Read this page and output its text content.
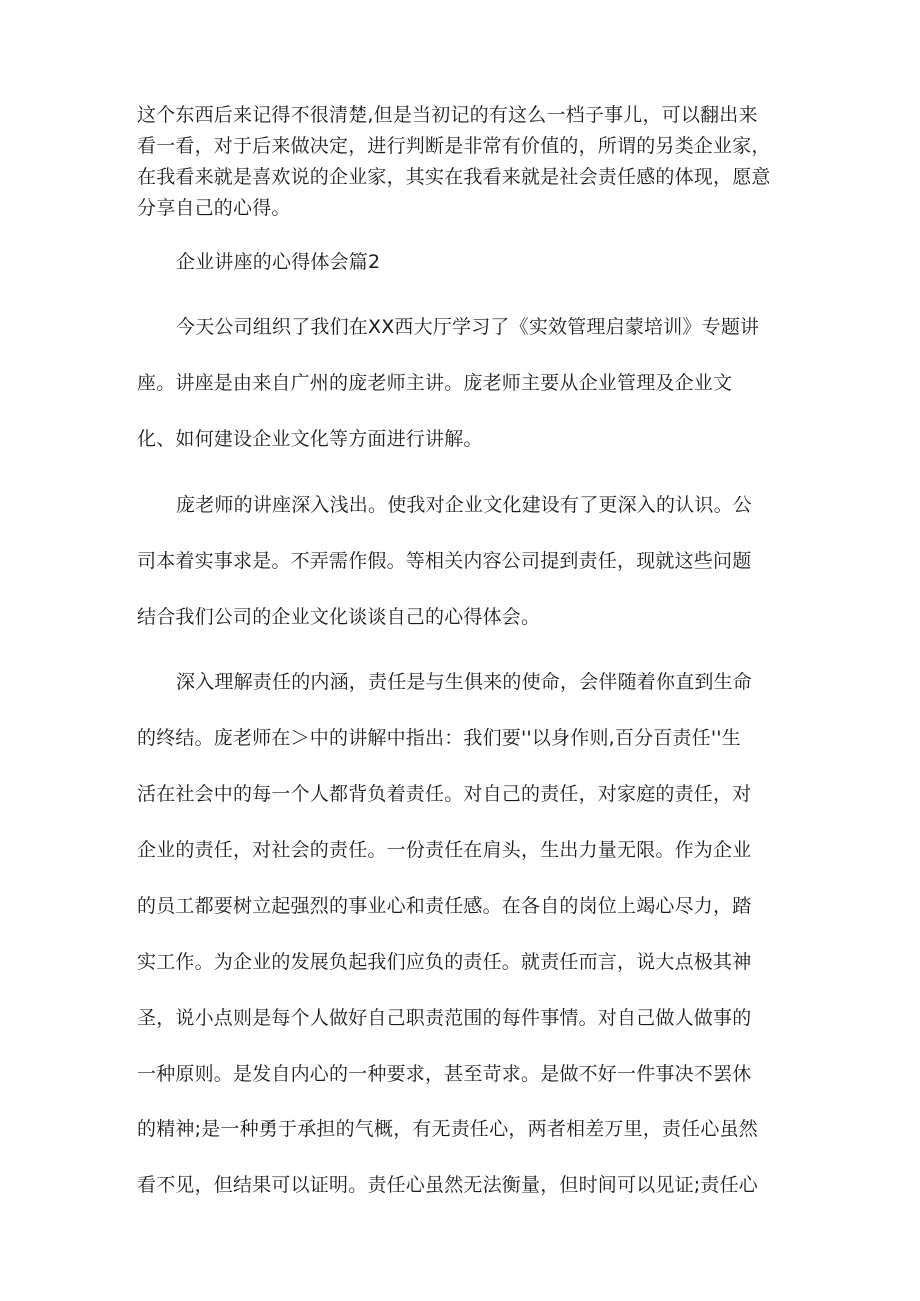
这个东西后来记得不很清楚,但是当初记的有这么一档子事儿，可以翻出来
看一看，对于后来做决定，进行判断是非常有价值的，所谓的另类企业家，
在我看来就是喜欢说的企业家，其实在我看来就是社会责任感的体现，愿意
分享自己的心得。
企业讲座的心得体会篇2
今天公司组织了我们在XX西大厅学习了《实效管理启蒙培训》专题讲
座。讲座是由来自广州的庞老师主讲。庞老师主要从企业管理及企业文
化、如何建设企业文化等方面进行讲解。
庞老师的讲座深入浅出。使我对企业文化建设有了更深入的认识。公
司本着实事求是。不弄需作假。等相关内容公司提到责任，现就这些问题
结合我们公司的企业文化谈谈自己的心得体会。
深入理解责任的内涵，责任是与生俱来的使命，会伴随着你直到生命
的终结。庞老师在＞中的讲解中指出：我们要''以身作则,百分百责任''生
活在社会中的每一个人都背负着责任。对自己的责任，对家庭的责任，对
企业的责任，对社会的责任。一份责任在肩头，生出力量无限。作为企业
的员工都要树立起强烈的事业心和责任感。在各自的岗位上竭心尽力，踏
实工作。为企业的发展负起我们应负的责任。就责任而言，说大点极其神
圣，说小点则是每个人做好自己职责范围的每件事情。对自己做人做事的
一种原则。是发自内心的一种要求，甚至苛求。是做不好一件事决不罢休
的精神;是一种勇于承担的气概，有无责任心，两者相差万里，责任心虽然
看不见，但结果可以证明。责任心虽然无法衡量，但时间可以见证;责任心
